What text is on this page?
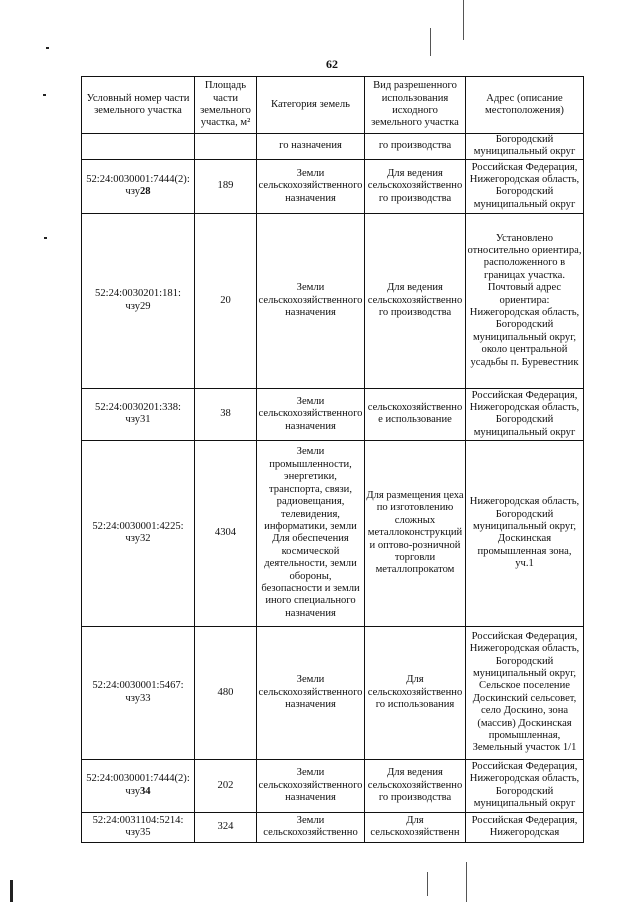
62
Условный номер части земельного участка	Площадь части земельного участка, м²	Категория земель	Вид разрешенного использования исходного земельного участка	Адрес (описание местоположения)
		го назначения	го производства	Богородский муниципальный округ
52:24:0030001:7444(2): чзу28	189	Земли сельскохозяйственного назначения	Для ведения сельскохозяйственного производства	Российская Федерация, Нижегородская область, Богородский муниципальный округ
52:24:0030201:181: чзу29	20	Земли сельскохозяйственного назначения	Для ведения сельскохозяйственного производства	Установлено относительно ориентира, расположенного в границах участка. Почтовый адрес ориентира: Нижегородская область, Богородский муниципальный округ, около центральной усадьбы п. Буревестник
52:24:0030201:338: чзу31	38	Земли сельскохозяйственного назначения	сельскохозяйственное использование	Российская Федерация, Нижегородская область, Богородский муниципальный округ
52:24:0030001:4225: чзу32	4304	Земли промышленности, энергетики, транспорта, связи, радиовещания, телевидения, информатики, земли Для обеспечения космической деятельности, земли обороны, безопасности и земли иного специального назначения	Для размещения цеха по изготовлению сложных металлоконструкций и оптово-розничной торговли металлопрокатом	Нижегородская область, Богородский муниципальный округ, Доскинская промышленная зона, уч.1
52:24:0030001:5467: чзу33	480	Земли сельскохозяйственного назначения	Для сельскохозяйственного использования	Российская Федерация, Нижегородская область, Богородский муниципальный округ, Сельское поселение Доскинский сельсовет, село Доскино, зона (массив) Доскинская промышленная, Земельный участок 1/1
52:24:0030001:7444(2): чзу34	202	Земли сельскохозяйственного назначения	Для ведения сельскохозяйственного производства	Российская Федерация, Нижегородская область, Богородский муниципальный округ
52:24:0031104:5214: чзу35	324	Земли сельскохозяйственно	Для сельскохозяйственн	Российская Федерация, Нижегородская
